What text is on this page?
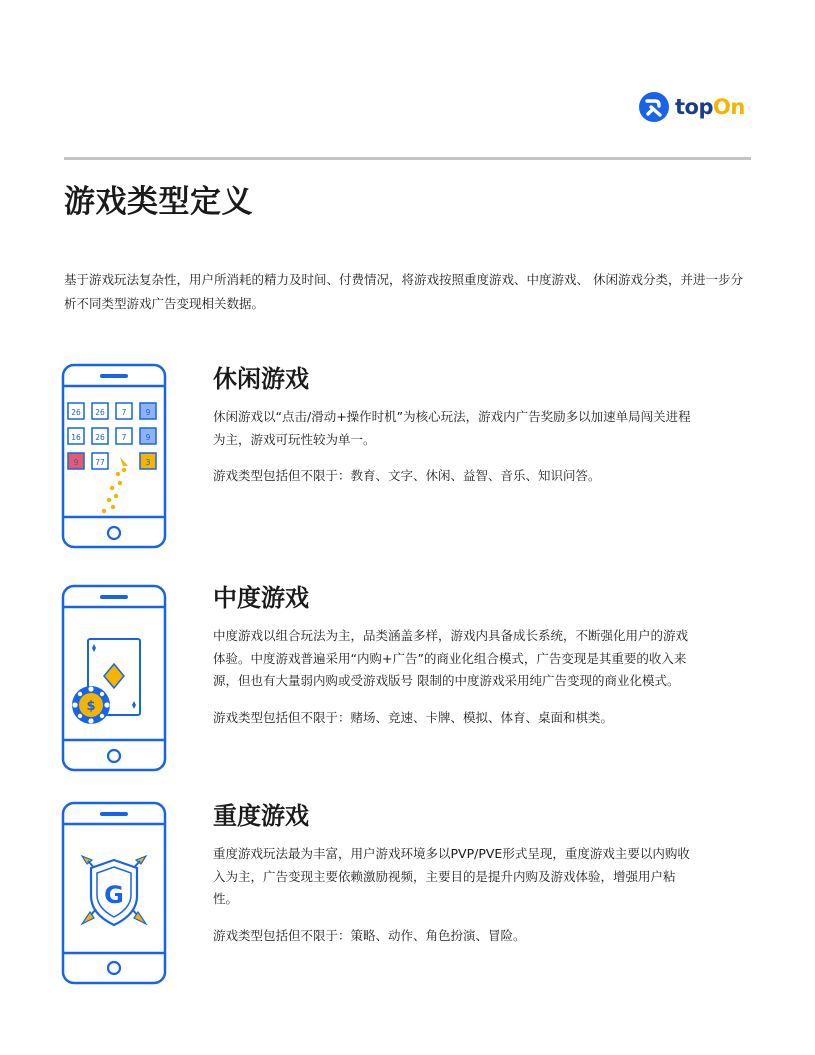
topOn
游戏类型定义

基于游戏玩法复杂性，用户所消耗的精力及时间、付费情况，将游戏按照重度游戏、中度游戏、 休闲游戏分类，并进一步分析不同类型游戏广告变现相关数据。

26 26 7	9
16 26 7	9
9 77	3
休闲游戏

休闲游戏以“点击/滑动+操作时机”为核心玩法，游戏内广告奖励多以加速单局闯关进程为主，游戏可玩性较为单一。

游戏类型包括但不限于：教育、文字、休闲、益智、音乐、知识问答。

$
中度游戏

中度游戏以组合玩法为主，品类涵盖多样，游戏内具备成长系统，不断强化用户的游戏体验。中度游戏普遍采用“内购+广告”的商业化组合模式，广告变现是其重要的收入来源，但也有大量弱内购或受游戏版号 限制的中度游戏采用纯广告变现的商业化模式。

游戏类型包括但不限于：赌场、竞速、卡牌、模拟、体育、桌面和棋类。

G
重度游戏

重度游戏玩法最为丰富，用户游戏环境多以PVP/PVE形式呈现，重度游戏主要以内购收入为主，广告变现主要依赖激励视频，主要目的是提升内购及游戏体验，增强用户粘性。

游戏类型包括但不限于：策略、动作、角色扮演、冒险。
